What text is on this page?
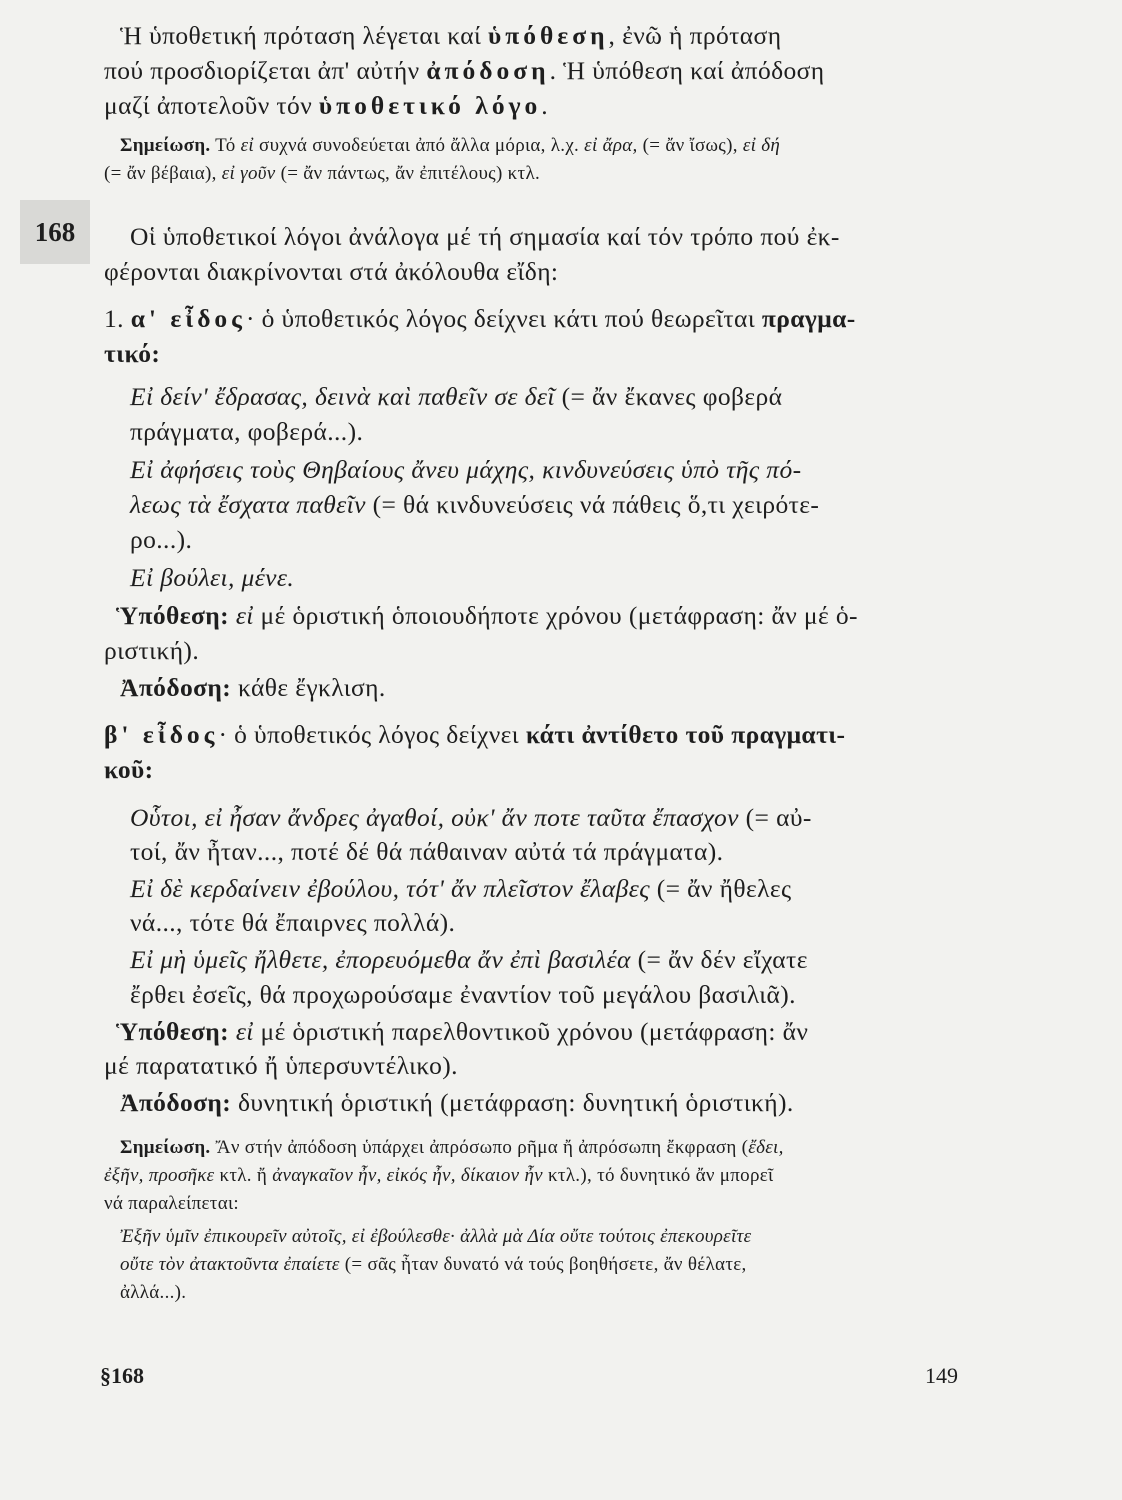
Ἡ ὑποθετική πρόταση λέγεται καί ὑπόθεση, ἐνῶ ἡ πρόταση

πού προσδιορίζεται ἀπ' αὐτήν ἀπόδοση. Ἡ ὑπόθεση καί ἀπόδοση

μαζί ἀποτελοῦν τόν ὑποθετικό λόγο.

Σημείωση. Τό εἰ συχνά συνοδεύεται ἀπό ἄλλα μόρια, λ.χ. εἰ ἄρα, (= ἄν ἴσως), εἰ δή

(= ἄν βέβαια), εἰ γοῦν (= ἄν πάντως, ἄν ἐπιτέλους) κτλ.

168 Οἱ ὑποθετικοί λόγοι ἀνάλογα μέ τή σημασία καί τόν τρόπο πού ἐκ-

φέρονται διακρίνονται στά ἀκόλουθα εἴδη:

1. α' εἶδος· ὁ ὑποθετικός λόγος δείχνει κάτι πού θεωρεῖται πραγμα-

τικό:

Εἰ δείν' ἔδρασας, δεινὰ καὶ παθεῖν σε δεῖ (= ἄν ἔκανες φοβερά

πράγματα, φοβερά...).

Εἰ ἀφήσεις τοὺς Θηβαίους ἄνευ μάχης, κινδυνεύσεις ὑπὸ τῆς πό-

λεως τὰ ἔσχατα παθεῖν (= θά κινδυνεύσεις νά πάθεις ὅ,τι χειρότε-

ρο...).

Εἰ βούλει, μένε.

Ὑπόθεση: εἰ μέ ὁριστική ὁποιουδήποτε χρόνου (μετάφραση: ἄν μέ ὁ-

ριστική).

Ἀπόδοση: κάθε ἔγκλιση.

β' εἶδος· ὁ ὑποθετικός λόγος δείχνει κάτι ἀντίθετο τοῦ πραγματι-

κοῦ:

Οὗτοι, εἰ ἦσαν ἄνδρες ἀγαθοί, οὐκ' ἄν ποτε ταῦτα ἔπασχον (= αὐ-

τοί, ἄν ἦταν..., ποτέ δέ θά πάθαιναν αὐτά τά πράγματα).

Εἰ δὲ κερδαίνειν ἐβούλου, τότ' ἄν πλεῖστον ἔλαβες (= ἄν ἤθελες

νά..., τότε θά ἔπαιρνες πολλά).

Εἰ μὴ ὑμεῖς ἤλθετε, ἐπορευόμεθα ἄν ἐπὶ βασιλέα (= ἄν δέν εἴχατε

ἔρθει ἐσεῖς, θά προχωρούσαμε ἐναντίον τοῦ μεγάλου βασιλιᾶ).

Ὑπόθεση: εἰ μέ ὁριστική παρελθοντικοῦ χρόνου (μετάφραση: ἄν

μέ παρατατικό ἤ ὑπερσυντέλικο).

Ἀπόδοση: δυνητική ὁριστική (μετάφραση: δυνητική ὁριστική).

Σημείωση. Ἄν στήν ἀπόδοση ὑπάρχει ἀπρόσωπο ρῆμα ἤ ἀπρόσωπη ἔκφραση (ἔδει,

ἐξῆν, προσῆκε κτλ. ἤ ἀναγκαῖον ἦν, εἰκός ἦν, δίκαιον ἦν κτλ.), τό δυνητικό ἄν μπορεῖ

νά παραλείπεται:

Ἐξῆν ὑμῖν ἐπικουρεῖν αὐτοῖς, εἰ ἐβούλεσθε· ἀλλὰ μὰ Δία οὔτε τούτοις ἐπεκουρεῖτε

οὔτε τὸν ἀτακτοῦντα ἐπαίετε (= σᾶς ἦταν δυνατό νά τούς βοηθήσετε, ἄν θέλατε,

ἀλλά...).

§168	149
